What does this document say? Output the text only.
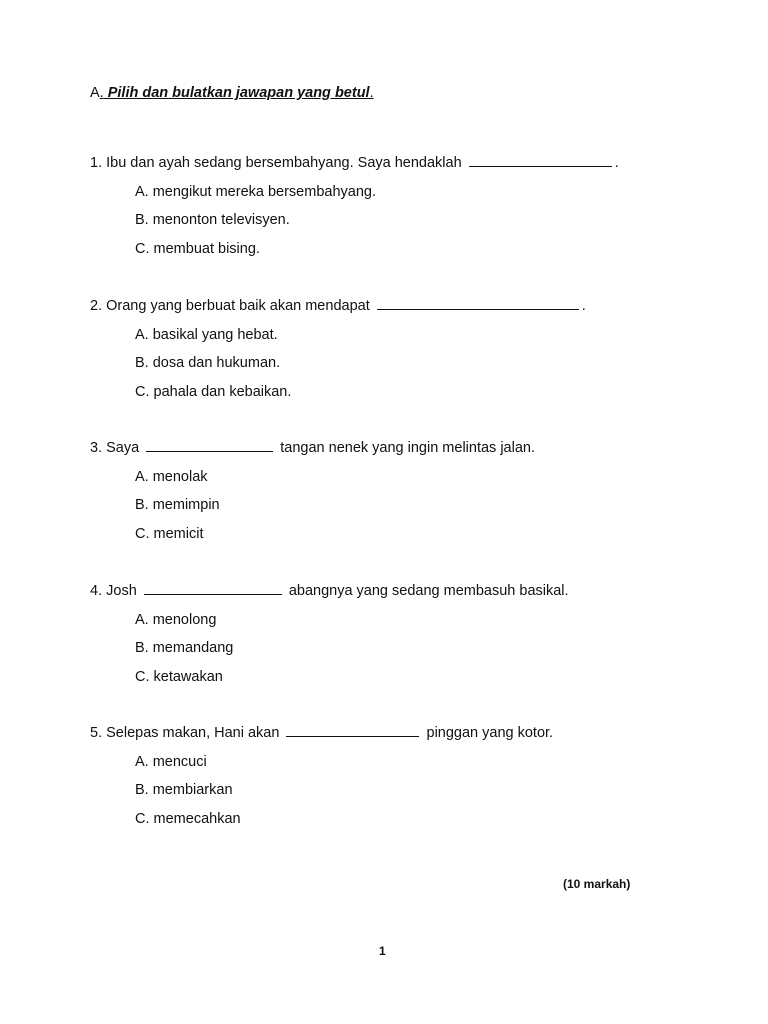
A. Pilih dan bulatkan jawapan yang betul.
1.
Ibu dan ayah sedang bersembahyang. Saya hendaklah
	.
A. mengikut mereka bersembahyang.
B. menonton televisyen.
C. membuat bising.
2.
Orang yang berbuat baik akan mendapat
	.
A. basikal yang hebat.
B. dosa dan hukuman.
C. pahala dan kebaikan.
3.
Saya

	tangan nenek yang ingin melintas jalan.
A. menolak
B. memimpin
C. memicit
4.
Josh

	abangnya yang sedang membasuh basikal.
A. menolong
B. memandang
C. ketawakan
5.
Selepas makan, Hani akan

	pinggan yang kotor.
A. mencuci
B. membiarkan
C. memecahkan
(10 markah)
1
